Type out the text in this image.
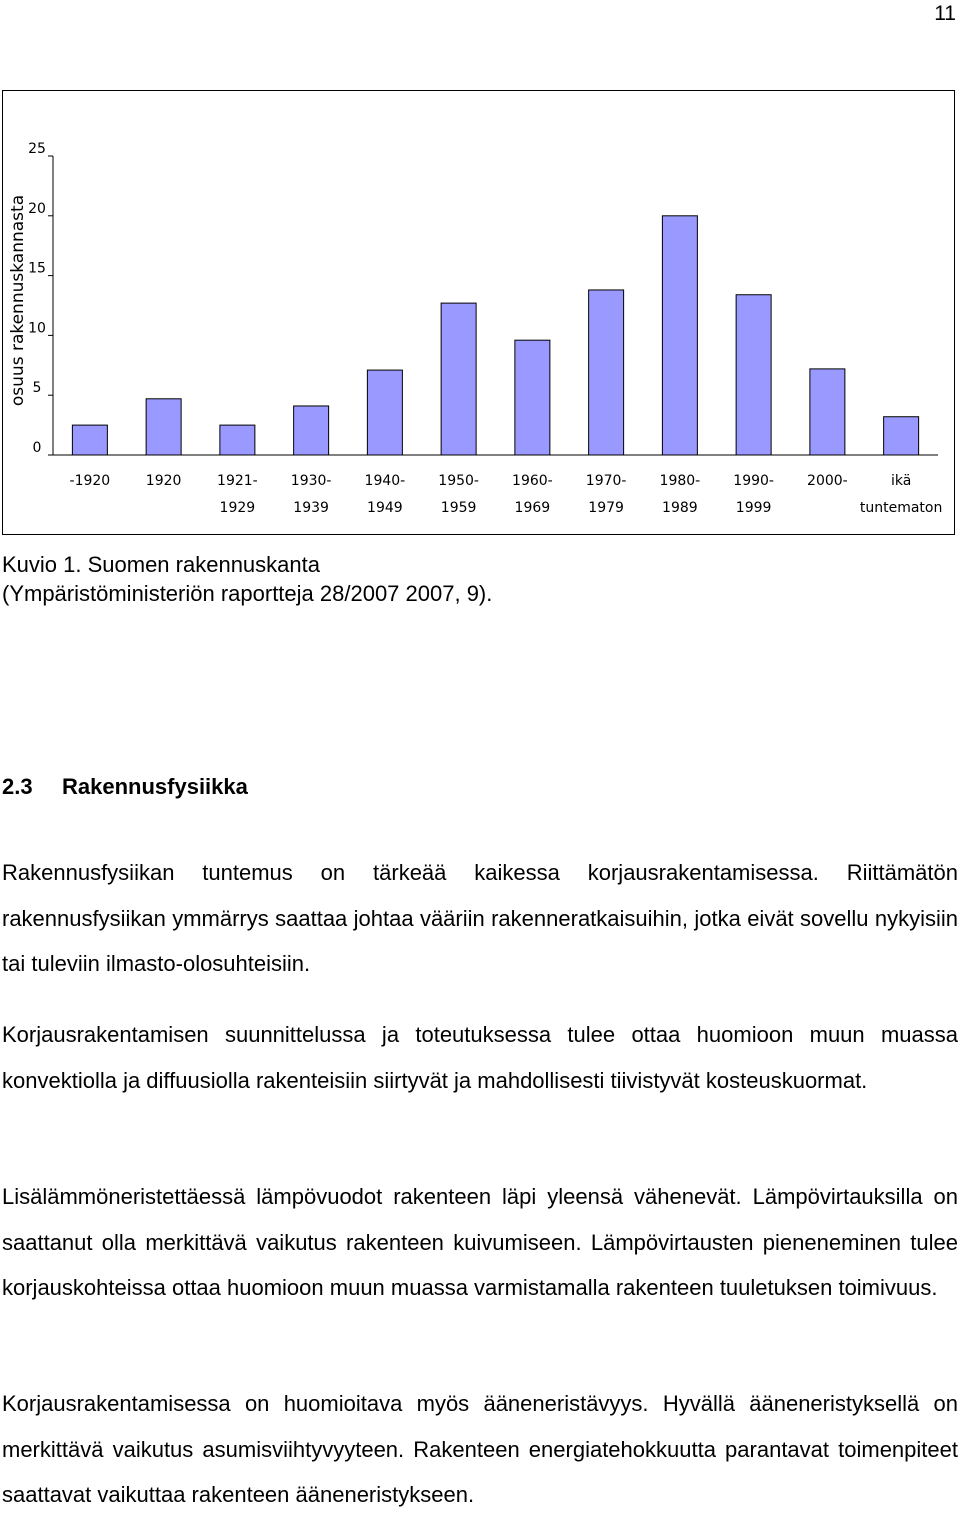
11
0
5
10
15
20
25
osuus rakennuskannasta
-1920	1920	1921-
1929
1930-
1939
1940-
1949
1950-
1959
1960-
1969
1970-
1979
1980-
1989
1990-
1999
2000-	ikä
tuntematon
Kuvio 1. Suomen rakennuskanta
(Ympäristöministeriön raportteja 28/2007 2007, 9).
2.3 Rakennusfysiikka

Rakennusfysiikan tuntemus on tärkeää kaikessa korjausrakentamisessa. Riittämätön rakennusfysiikan ymmärrys saattaa johtaa vääriin rakenneratkaisuihin, jotka eivät sovellu nykyisiin tai tuleviin ilmasto-olosuhteisiin.

Korjausrakentamisen suunnittelussa ja toteutuksessa tulee ottaa huomioon muun muassa konvektiolla ja diffuusiolla rakenteisiin siirtyvät ja mahdollisesti tiivistyvät kosteuskuormat.

Lisälämmöneristettäessä lämpövuodot rakenteen läpi yleensä vähenevät. Lämpövirtauksilla on saattanut olla merkittävä vaikutus rakenteen kuivumiseen. Lämpövirtausten pieneneminen tulee korjauskohteissa ottaa huomioon muun muassa varmistamalla rakenteen tuuletuksen toimivuus.

Korjausrakentamisessa on huomioitava myös ääneneristävyys. Hyvällä ääneneristyksellä on merkittävä vaikutus asumisviihtyvyyteen. Rakenteen energiatehokkuutta parantavat toimenpiteet saattavat vaikuttaa rakenteen ääneneristykseen.
